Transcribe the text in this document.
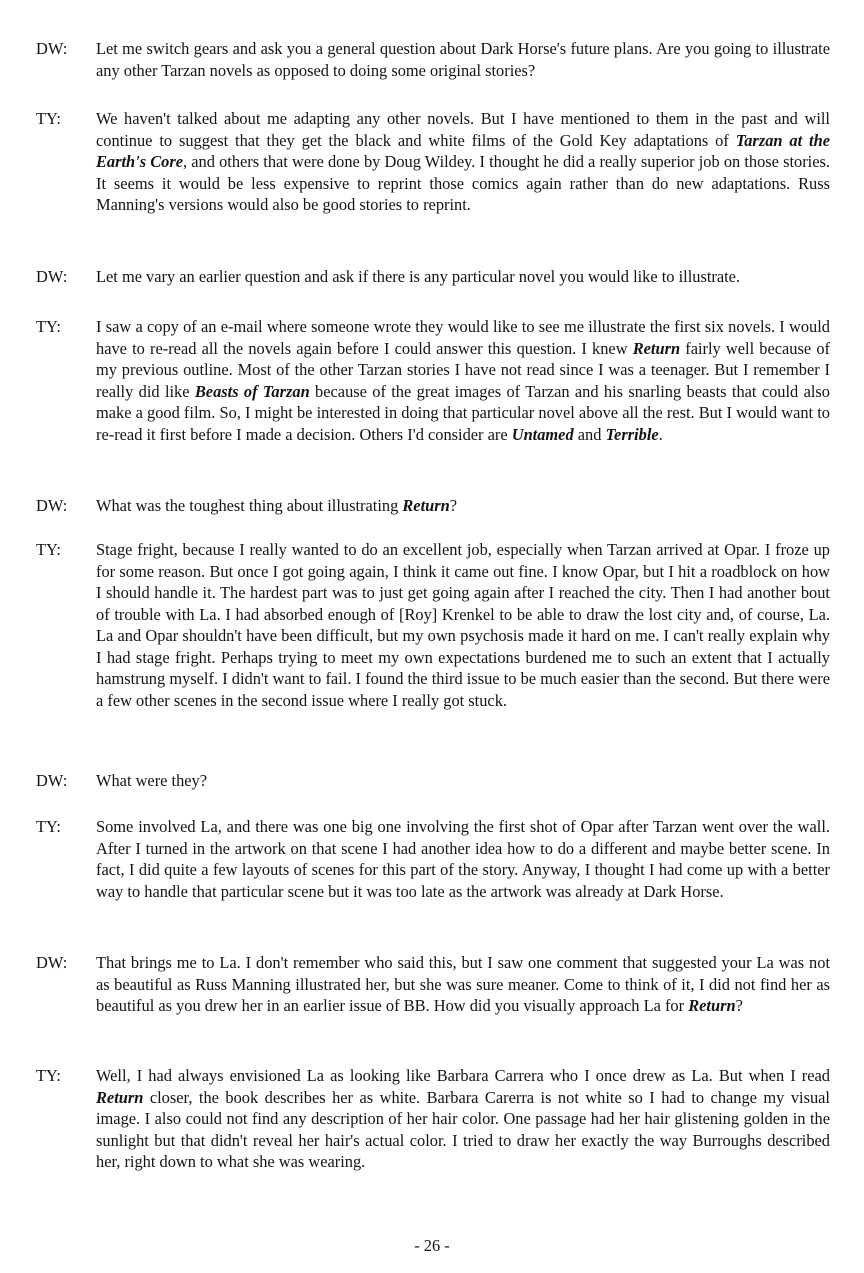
DW: Let me switch gears and ask you a general question about Dark Horse's future plans. Are you going to illustrate any other Tarzan novels as opposed to doing some original stories?
TY: We haven't talked about me adapting any other novels. But I have mentioned to them in the past and will continue to suggest that they get the black and white films of the Gold Key adaptations of Tarzan at the Earth's Core, and others that were done by Doug Wildey. I thought he did a really superior job on those stories. It seems it would be less expensive to reprint those comics again rather than do new adaptations. Russ Manning's versions would also be good stories to reprint.
DW: Let me vary an earlier question and ask if there is any particular novel you would like to illustrate.
TY: I saw a copy of an e-mail where someone wrote they would like to see me illustrate the first six novels. I would have to re-read all the novels again before I could answer this question. I knew Return fairly well because of my previous outline. Most of the other Tarzan stories I have not read since I was a teenager. But I remember I really did like Beasts of Tarzan because of the great images of Tarzan and his snarling beasts that could also make a good film. So, I might be interested in doing that particular novel above all the rest. But I would want to re-read it first before I made a decision. Others I'd consider are Untamed and Terrible.
DW: What was the toughest thing about illustrating Return?
TY: Stage fright, because I really wanted to do an excellent job, especially when Tarzan arrived at Opar. I froze up for some reason. But once I got going again, I think it came out fine. I know Opar, but I hit a roadblock on how I should handle it. The hardest part was to just get going again after I reached the city. Then I had another bout of trouble with La. I had absorbed enough of [Roy] Krenkel to be able to draw the lost city and, of course, La. La and Opar shouldn't have been difficult, but my own psychosis made it hard on me. I can't really explain why I had stage fright. Perhaps trying to meet my own expectations burdened me to such an extent that I actually hamstrung myself. I didn't want to fail. I found the third issue to be much easier than the second. But there were a few other scenes in the second issue where I really got stuck.
DW: What were they?
TY: Some involved La, and there was one big one involving the first shot of Opar after Tarzan went over the wall. After I turned in the artwork on that scene I had another idea how to do a different and maybe better scene. In fact, I did quite a few layouts of scenes for this part of the story. Anyway, I thought I had come up with a better way to handle that particular scene but it was too late as the artwork was already at Dark Horse.
DW: That brings me to La. I don't remember who said this, but I saw one comment that suggested your La was not as beautiful as Russ Manning illustrated her, but she was sure meaner. Come to think of it, I did not find her as beautiful as you drew her in an earlier issue of BB. How did you visually approach La for Return?
TY: Well, I had always envisioned La as looking like Barbara Carrera who I once drew as La. But when I read Return closer, the book describes her as white. Barbara Carerra is not white so I had to change my visual image. I also could not find any description of her hair color. One passage had her hair glistening golden in the sunlight but that didn't reveal her hair's actual color. I tried to draw her exactly the way Burroughs described her, right down to what she was wearing.
- 26 -
